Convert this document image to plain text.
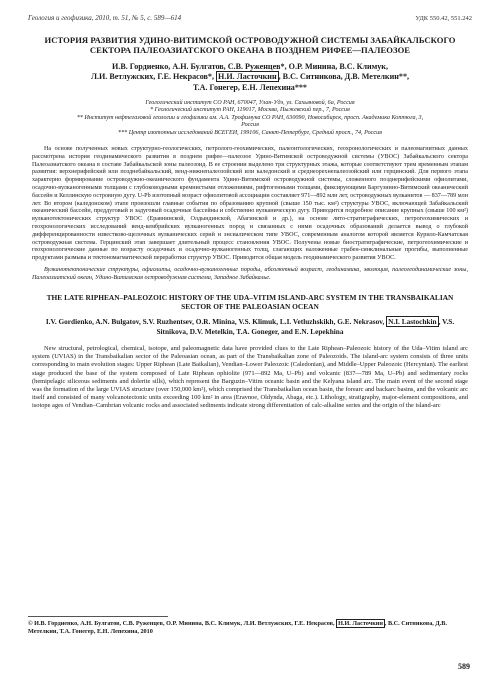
Геология и геофизика, 2010, т. 51, № 5, с. 589—614	УДК 550.42, 551.242
ИСТОРИЯ РАЗВИТИЯ УДИНО-ВИТИМСКОЙ ОСТРОВОДУЖНОЙ СИСТЕМЫ ЗАБАЙКАЛЬСКОГО СЕКТОРА ПАЛЕОАЗИАТСКОГО ОКЕАНА В ПОЗДНЕМ РИФЕЕ—ПАЛЕОЗОЕ
И.В. Гордиенко, А.Н. Булгатов, С.В. Руженцев*, О.Р. Минина, В.С. Климук,
Л.И. Ветлужских, Г.Е. Некрасов*, Н.И. Ласточкин , В.С. Ситникова, Д.В. Метелкин**,
Т.А. Гонегер, Е.Н. Лепехина***
Геологический институт СО РАН, 670047, Улан-Удэ, ул. Сахьяновой, 6а, Россия
* Геологический институт РАН, 119017, Москва, Пыжевский пер., 7, Россия
** Институт нефтегазовой геологии и геофизики им. А.А. Трофимука СО РАН, 630090, Новосибирск, просп. Академика Коптюга, 3, Россия
*** Центр изотопных исследований ВСЕГЕИ, 199106, Санкт-Петербург, Средний просп., 74, Россия

На основе полученных новых структурно-геологических, петролого-геохимических, палеонтологических, геохронологических и палеомагнитных данных рассмотрена история геодинамического развития в позднем рифее—палеозое Удино-Витимской островодужной системы (УВОС) Забайкальского сектора Палеоазиатского океана в составе Забайкальской зоны палеозоид. В ее строении выделено три структурных этажа, которые соответствуют трем временным этапам развития: верхнерифейский или позднебайкальский, венд-нижнепалеозойский или каледонский и среднеорехнепалеозойский или герцинский. Для первого этапа характерно формирование островодужно-океанического фундамента Удино-Витимской островодужной системы, сложенного позднерифейскими офиолитами, осадочно-вулканогенными толщами с глубоководными кремнистыми отложениями, рифтогенными толщами, фиксирующими Баргузинно-Витимский океанический бассейн и Келлинскую островную дугу. U-Pb изотопный возраст офиолитовой ассоциации составляет 971—892 млн лет, островодужных вулканитов — 837—789 млн лет. Во втором (каледонском) этапе произошли главные события по образованию крупной (свыше 150 тыс. км²) структуры УВОС, включающей Забайкальский океанический бассейн, преддуговый и задуговый осадочные бассейны и собственно вулканическую дугу. Приводится подробное описание крупных (свыше 100 км²) вулканотектонических структур УВОС (Еравнинской, Олдындинской, Абагинской и др.), на основе лито-стратиграфических, петрогеохимических и геохронологических исследований венд-кембрийских вулканогенных пород и связанных с ними осадочных образований делается вывод о глубокой дифференцированности известково-щелочных вулканических серий и энсиалическом типе УВОС, современным аналогом которой является Курило-Камчатская островодужная система. Герцинский этап завершает длительный процесс становления УВОС. Получены новые биостратиграфические, петрогеохимические и геохронологические данные по возрасту осадочных и осадочно-вулканогенных толщ, слагающих наложенные грабен-синклинальные прогибы, выполненные продуктами размыва и тектономагматической переработки структур УВОС. Приводится общая модель геодинамического развития УВОС.

Вулканотектонические структуры, офиолиты, осадочно-вулканогенные породы, абсолютный возраст, геодинамика, эволюция, палеогеодинамические зоны, Палеоазиатский океан, Удино-Витимская островодужная система, Западное Забайкалье.

THE LATE RIPHEAN–PALEOZOIC HISTORY OF THE UDA–VITIM ISLAND-ARC SYSTEM IN THE TRANSBAIKALIAN SECTOR OF THE PALEOASIAN OCEAN
I.V. Gordienko, A.N. Bulgatov, S.V. Ruzhentsev, O.R. Minina, V.S. Klimuk, L.I. Vetluzhskikh, G.E. Nekrasov, N.I. Lastochkin , V.S. Sitnikova, D.V. Metelkin, T.A. Goneger, and E.N. Lepekhina

New structural, petrological, chemical, isotope, and paleomagnetic data have provided clues to the Late Riphean–Paleozoic history of the Uda–Vitim island arc system (UVIAS) in the Transbaikalian sector of the Paleoasian ocean, as part of the Transbaikalian zone of Paleozoids. The island-arc system consists of three units corresponding to main evolution stages: Upper Riphean (Late Baikalian), Vendian–Lower Paleozoic (Caledonian), and Middle–Upper Paleozoic (Hercynian). The earliest stage produced the base of the system composed of Late Riphean ophiolite (971—892 Ma, U–Pb) and volcanic (837—789 Ma, U–Pb) and sedimentary rocks (hemipelagic siliceous sediments and dolerite sills), which represent the Barguzin–Vitim oceanic basin and the Kelyana island arc. The main event of the second stage was the formation of the large UVIAS structure (over 150,000 km²), which comprised the Transbaikalian ocean basin, the forearc and backarc basins, and the volcanic arc itself and consisted of many volcanotectonic units exceeding 100 km² in area (Eravnoe, Oldynda, Abaga, etc.). Lithology, stratigraphy, major-element compositions, and isotope ages of Vendian–Cambrian volcanic rocks and associated sediments indicate strong differentiation of calc-alkaline series and the origin of the island-arc

© И.В. Гордиенко, А.Н. Булгатов, С.В. Руженцев, О.Р. Минина, В.С. Климук, Л.И. Ветлужских, Г.Е. Некрасов, Н.И. Ласточкин , В.С. Ситникова, Д.В. Метелкин, Т.А. Гонегер, Е.Н. Лепехина, 2010
589
